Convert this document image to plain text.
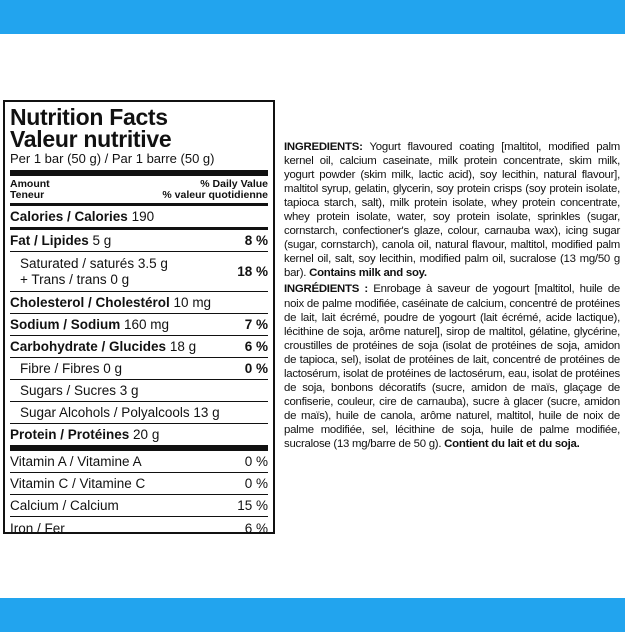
Nutrition Facts
Valeur nutritive
Per 1 bar (50 g) / Par 1 barre (50 g)
Amount
Teneur
% Daily Value
% valeur quotidienne
Calories / Calories 190
Fat / Lipides 5 g	8 %
Saturated / saturés 3.5 g
+ Trans / trans 0 g	18 %
Cholesterol / Cholestérol 10 mg
Sodium / Sodium 160 mg	7 %
Carbohydrate / Glucides 18 g	6 %
Fibre / Fibres 0 g	0 %
Sugars / Sucres 3 g
Sugar Alcohols / Polyalcools 13 g
Protein / Protéines 20 g
Vitamin A / Vitamine A	0 %
Vitamin C / Vitamine C	0 %
Calcium / Calcium	15 %
Iron / Fer	6 %

INGREDIENTS: Yogurt flavoured coating [maltitol, modified palm kernel oil, calcium caseinate, milk protein concentrate, skim milk, yogurt powder (skim milk, lactic acid), soy lecithin, natural flavour], maltitol syrup, gelatin, glycerin, soy protein crisps (soy protein isolate, tapioca starch, salt), milk protein isolate, whey protein concentrate, whey protein isolate, water, soy protein isolate, sprinkles (sugar, cornstarch, confectioner's glaze, colour, carnauba wax), icing sugar (sugar, cornstarch), canola oil, natural flavour, maltitol, modified palm kernel oil, salt, soy lecithin, modified palm oil, sucralose (13 mg/50 g bar). Contains milk and soy.

INGRÉDIENTS : Enrobage à saveur de yogourt [maltitol, huile de noix de palme modifiée, caséinate de calcium, concentré de protéines de lait, lait écrémé, poudre de yogourt (lait écrémé, acide lactique), lécithine de soja, arôme naturel], sirop de maltitol, gélatine, glycérine, croustilles de protéines de soja (isolat de protéines de soja, amidon de tapioca, sel), isolat de protéines de lait, concentré de protéines de lactosérum, isolat de protéines de lactosérum, eau, isolat de protéines de soja, bonbons décoratifs (sucre, amidon de maïs, glaçage de confiserie, couleur, cire de carnauba), sucre à glacer (sucre, amidon de maïs), huile de canola, arôme naturel, maltitol, huile de noix de palme modifiée, sel, lécithine de soja, huile de palme modifiée, sucralose (13 mg/barre de 50 g). Contient du lait et du soja.
